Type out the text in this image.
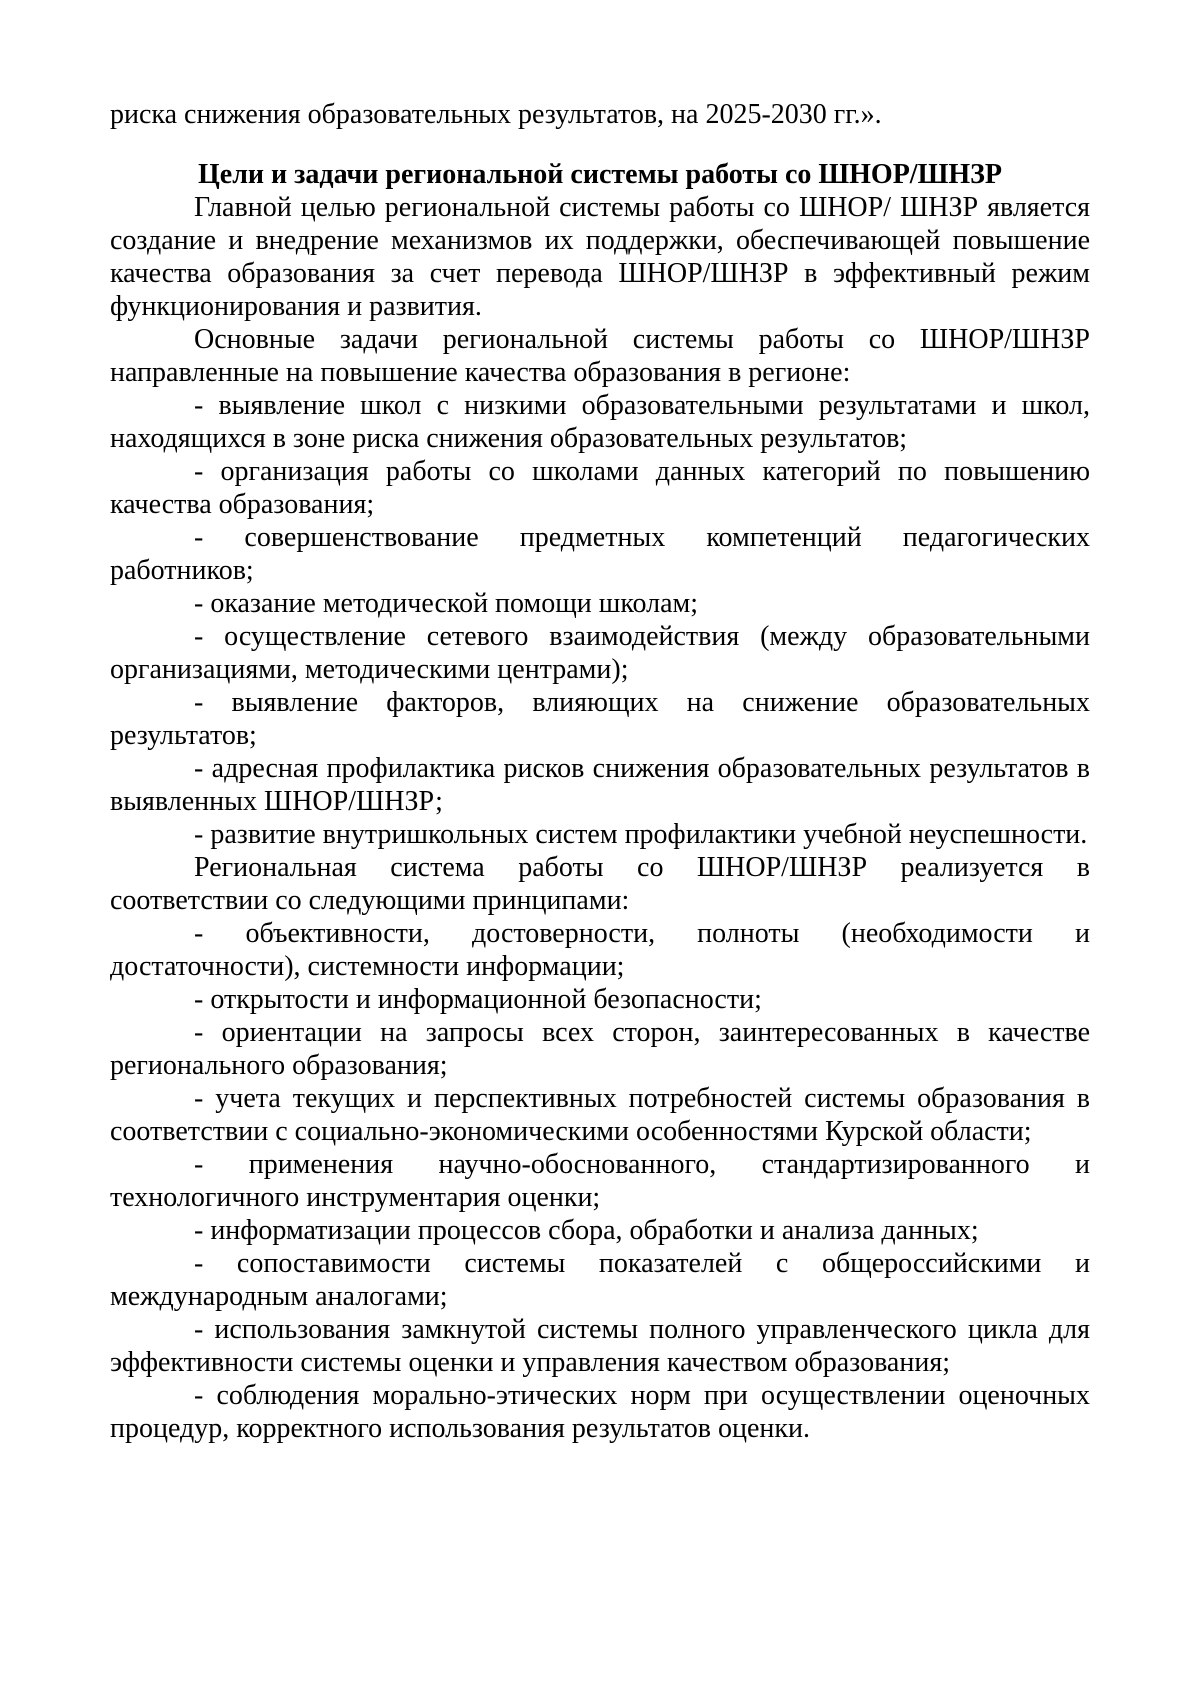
риска снижения образовательных результатов, на 2025-2030 гг.».

Цели и задачи региональной системы работы со ШНОР/ШНЗР

Главной целью региональной системы работы со ШНОР/ ШНЗР является создание и внедрение механизмов их поддержки, обеспечивающей повышение качества образования за счет перевода ШНОР/ШНЗР в эффективный режим функционирования и развития.

Основные задачи региональной системы работы со ШНОР/ШНЗР направленные на повышение качества образования в регионе:

- выявление школ с низкими образовательными результатами и школ, находящихся в зоне риска снижения образовательных результатов;

- организация работы со школами данных категорий по повышению качества образования;

- совершенствование предметных компетенций педагогических работников;

- оказание методической помощи школам;

- осуществление сетевого взаимодействия (между образовательными организациями, методическими центрами);

- выявление факторов, влияющих на снижение образовательных результатов;

- адресная профилактика рисков снижения образовательных результатов в выявленных ШНОР/ШНЗР;

- развитие внутришкольных систем профилактики учебной неуспешности.

Региональная система работы со ШНОР/ШНЗР реализуется в соответствии со следующими принципами:

- объективности, достоверности, полноты (необходимости и достаточности), системности информации;

- открытости и информационной безопасности;

- ориентации на запросы всех сторон, заинтересованных в качестве регионального образования;

- учета текущих и перспективных потребностей системы образования в соответствии с социально-экономическими особенностями Курской области;

- применения научно-обоснованного, стандартизированного и технологичного инструментария оценки;

- информатизации процессов сбора, обработки и анализа данных;

- сопоставимости системы показателей с общероссийскими и международным аналогами;

- использования замкнутой системы полного управленческого цикла для эффективности системы оценки и управления качеством образования;

- соблюдения морально-этических норм при осуществлении оценочных процедур, корректного использования результатов оценки.
